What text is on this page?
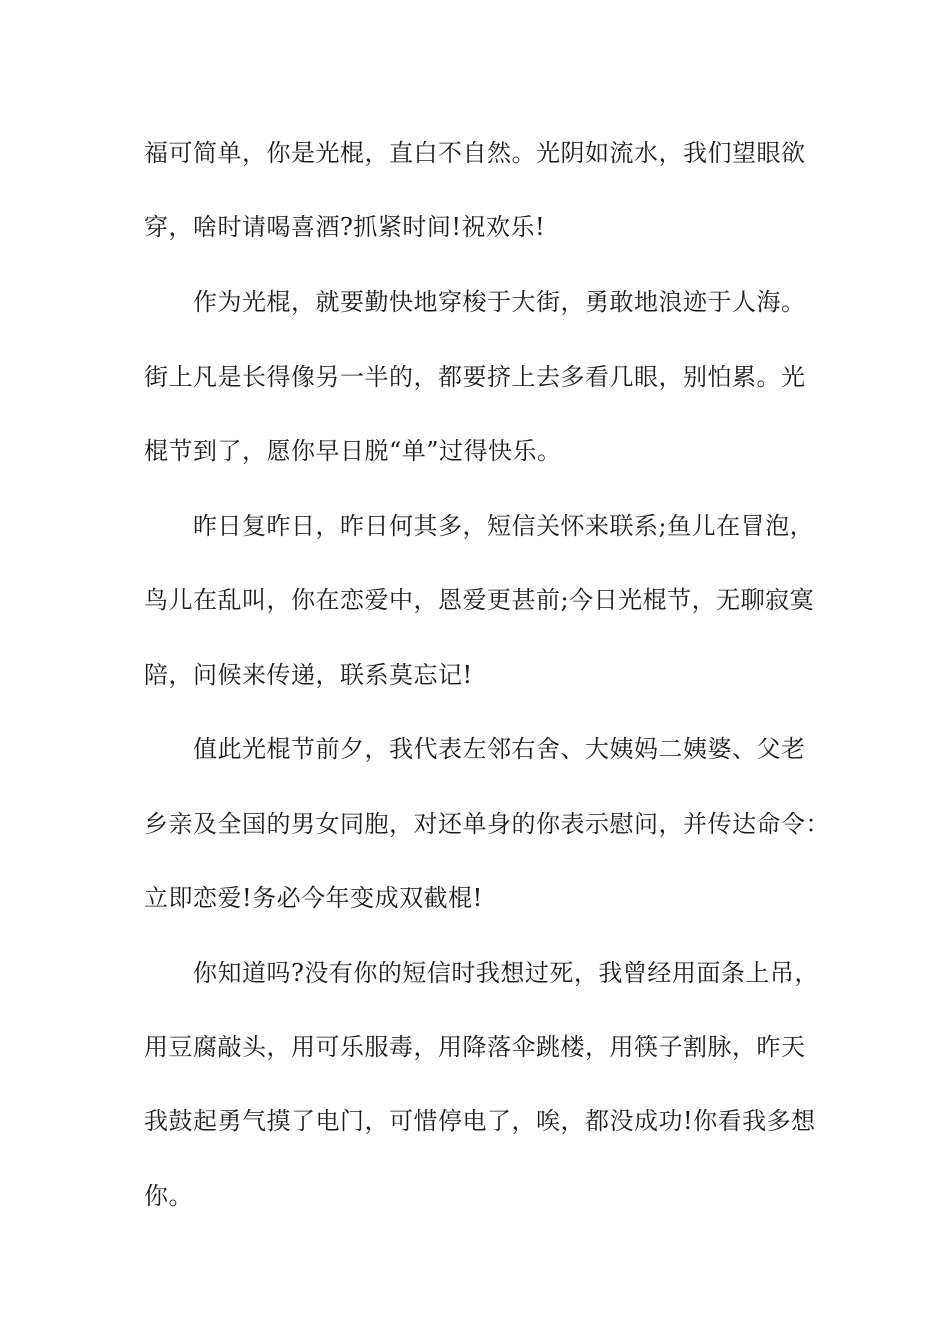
福可简单，你是光棍，直白不自然。光阴如流水，我们望眼欲

穿，啥时请喝喜酒?抓紧时间!祝欢乐!

作为光棍，就要勤快地穿梭于大街，勇敢地浪迹于人海。

街上凡是长得像另一半的，都要挤上去多看几眼，别怕累。光

棍节到了，愿你早日脱“单”过得快乐。

昨日复昨日，昨日何其多，短信关怀来联系;鱼儿在冒泡，

鸟儿在乱叫，你在恋爱中，恩爱更甚前;今日光棍节，无聊寂寞

陪，问候来传递，联系莫忘记!

值此光棍节前夕，我代表左邻右舍、大姨妈二姨婆、父老

乡亲及全国的男女同胞，对还单身的你表示慰问，并传达命令：

立即恋爱!务必今年变成双截棍!

你知道吗?没有你的短信时我想过死，我曾经用面条上吊，

用豆腐敲头，用可乐服毒，用降落伞跳楼，用筷子割脉，昨天

我鼓起勇气摸了电门，可惜停电了，唉，都没成功!你看我多想

你。
